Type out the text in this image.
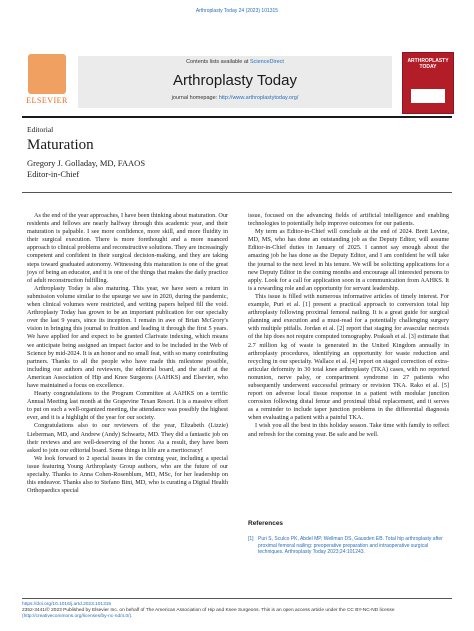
Arthroplasty Today 24 (2023) 101315
ELSEVIER
Contents lists available at ScienceDirect
Arthroplasty Today
journal homepage: http://www.arthroplastytoday.org/
ARTHROPLASTY TODAY
Editorial
Maturation
Gregory J. Golladay, MD, FAAOS
Editor-in-Chief

As the end of the year approaches, I have been thinking about maturation. Our residents and fellows are nearly halfway through this academic year, and their maturation is palpable. I see more confidence, more skill, and more fluidity in their surgical execution. There is more forethought and a more nuanced approach to clinical problems and reconstructive solutions. They are increasingly competent and confident in their surgical decision-making, and they are taking steps toward graduated autonomy. Witnessing this maturation is one of the great joys of being an educator, and it is one of the things that makes the daily practice of adult reconstruction fulfilling.

Arthroplasty Today is also maturing. This year, we have seen a return in submission volume similar to the upsurge we saw in 2020, during the pandemic, when clinical volumes were restricted, and writing papers helped fill the void. Arthroplasty Today has grown to be an important publication for our specialty over the last 9 years, since its inception. I remain in awe of Brian McGrory's vision in bringing this journal to fruition and leading it through the first 5 years. We have applied for and expect to be granted Clarivate indexing, which means we anticipate being assigned an impact factor and to be included in the Web of Science by mid-2024. It is an honor and no small feat, with so many contributing partners. Thanks to all the people who have made this milestone possible, including our authors and reviewers, the editorial board, and the staff at the American Association of Hip and Knee Surgeons (AAHKS) and Elsevier, who have maintained a focus on excellence.

Hearty congratulations to the Program Committee at AAHKS on a terrific Annual Meeting last month at the Grapevine Texan Resort. It is a massive effort to put on such a well-organized meeting, the attendance was possibly the highest ever, and it is a highlight of the year for our society.

Congratulations also to our reviewers of the year, Elizabeth (Lizzie) Lieberman, MD, and Andrew (Andy) Schwartz, MD. They did a fantastic job on their reviews and are well-deserving of the honor. As a result, they have been asked to join our editorial board. Some things in life are a meritocracy!

We look forward to 2 special issues in the coming year, including a special issue featuring Young Arthroplasty Group authors, who are the future of our specialty. Thanks to Anna Cohen-Rosenblum, MD, MSc, for her leadership on this endeavor. Thanks also to Stefano Bini, MD, who is curating a Digital Health Orthopaedics special

issue, focused on the advancing fields of artificial intelligence and enabling technologies to potentially help improve outcomes for our patients.

My term as Editor-in-Chief will conclude at the end of 2024. Brett Levine, MD, MS, who has done an outstanding job as the Deputy Editor, will assume Editor-in-Chief duties in January of 2025. I cannot say enough about the amazing job he has done as the Deputy Editor, and I am confident he will take the journal to the next level in his tenure. We will be soliciting applications for a new Deputy Editor in the coming months and encourage all interested persons to apply. Look for a call for application soon in a communication from AAHKS. It is a rewarding role and an opportunity for servant leadership.

This issue is filled with numerous informative articles of timely interest. For example, Puri et al. [1] present a practical approach to conversion total hip arthroplasty following proximal femoral nailing. It is a great guide for surgical planning and execution and a must-read for a potentially challenging surgery with multiple pitfalls. Jordan et al. [2] report that staging for avascular necrosis of the hip does not require computed tomography. Prakash et al. [3] estimate that 2.7 million kg of waste is generated in the United Kingdom annually in arthroplasty procedures, identifying an opportunity for waste reduction and recycling in our specialty. Wallace et al. [4] report on staged correction of extra-articular deformity in 30 total knee arthroplasty (TKA) cases, with no reported nonunion, nerve palsy, or compartment syndrome in 27 patients who subsequently underwent successful primary or revision TKA. Rako et al. [5] report on adverse local tissue response in a patient with modular junction corrosion following distal femur and proximal tibial replacement, and it serves as a reminder to include taper junction problems in the differential diagnosis when evaluating a patient with a painful TKA.

I wish you all the best in this holiday season. Take time with family to reflect and refresh for the coming year. Be safe and be well.

References
[1] Puri S, Sculco PK, Abdel MP, Wellman DS, Gausden EB. Total hip arthroplasty after proximal femoral nailing: preoperative preparation and intraoperative surgical techniques. Arthroplasty Today 2023;24:101243.
https://doi.org/10.1016/j.artd.2023.101315
2352-3441/© 2023 Published by Elsevier Inc. on behalf of The American Association of Hip and Knee Surgeons. This is an open access article under the CC BY-NC-ND license
(http://creativecommons.org/licenses/by-nc-nd/4.0/).
